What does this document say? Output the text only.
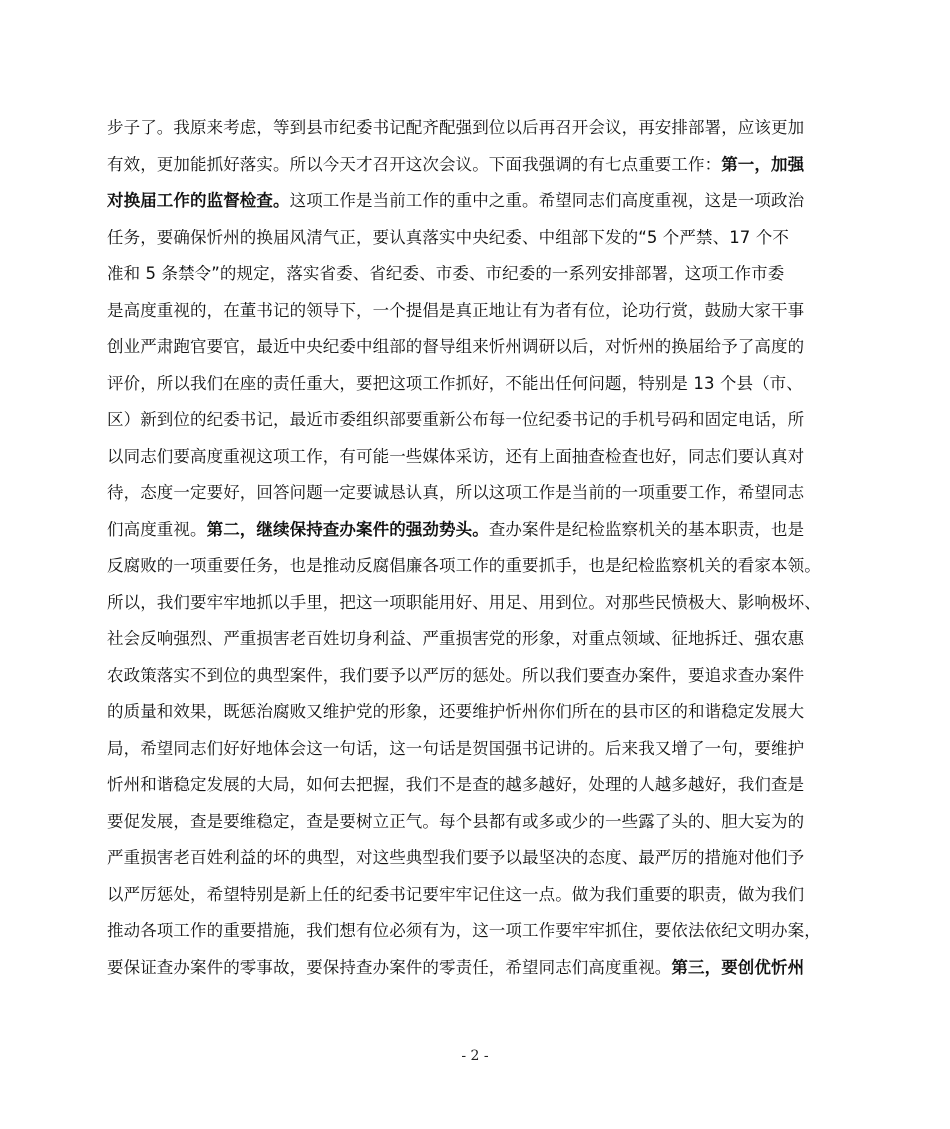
步子了。我原来考虑，等到县市纪委书记配齐配强到位以后再召开会议，再安排部署，应该更加
有效，更加能抓好落实。所以今天才召开这次会议。下面我强调的有七点重要工作：第一，加强
对换届工作的监督检查。这项工作是当前工作的重中之重。希望同志们高度重视，这是一项政治
任务，要确保忻州的换届风清气正，要认真落实中央纪委、中组部下发的“5 个严禁、17 个不
准和 5 条禁令”的规定，落实省委、省纪委、市委、市纪委的一系列安排部署，这项工作市委
是高度重视的，在董书记的领导下，一个提倡是真正地让有为者有位，论功行赏，鼓励大家干事
创业严肃跑官要官，最近中央纪委中组部的督导组来忻州调研以后，对忻州的换届给予了高度的
评价，所以我们在座的责任重大，要把这项工作抓好，不能出任何问题，特别是 13 个县（市、
区）新到位的纪委书记，最近市委组织部要重新公布每一位纪委书记的手机号码和固定电话，所
以同志们要高度重视这项工作，有可能一些媒体采访，还有上面抽查检查也好，同志们要认真对
待，态度一定要好，回答问题一定要诚恳认真，所以这项工作是当前的一项重要工作，希望同志
们高度重视。第二，继续保持查办案件的强劲势头。查办案件是纪检监察机关的基本职责，也是
反腐败的一项重要任务，也是推动反腐倡廉各项工作的重要抓手，也是纪检监察机关的看家本领。
所以，我们要牢牢地抓以手里，把这一项职能用好、用足、用到位。对那些民愤极大、影响极坏、
社会反响强烈、严重损害老百姓切身利益、严重损害党的形象，对重点领域、征地拆迁、强农惠
农政策落实不到位的典型案件，我们要予以严厉的惩处。所以我们要查办案件，要追求查办案件
的质量和效果，既惩治腐败又维护党的形象，还要维护忻州你们所在的县市区的和谐稳定发展大
局，希望同志们好好地体会这一句话，这一句话是贺国强书记讲的。后来我又增了一句，要维护
忻州和谐稳定发展的大局，如何去把握，我们不是查的越多越好，处理的人越多越好，我们查是
要促发展，查是要维稳定，查是要树立正气。每个县都有或多或少的一些露了头的、胆大妄为的
严重损害老百姓利益的坏的典型，对这些典型我们要予以最坚决的态度、最严厉的措施对他们予
以严厉惩处，希望特别是新上任的纪委书记要牢牢记住这一点。做为我们重要的职责，做为我们
推动各项工作的重要措施，我们想有位必须有为，这一项工作要牢牢抓住，要依法依纪文明办案，
要保证查办案件的零事故，要保持查办案件的零责任，希望同志们高度重视。第三，要创优忻州
- 2 -
